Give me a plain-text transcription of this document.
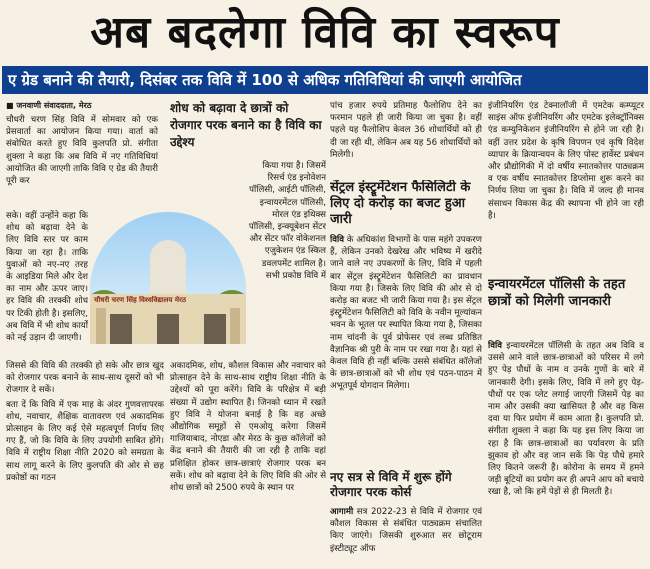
अब बदलेगा विवि का स्वरूप
ए ग्रेड बनाने की तैयारी, दिसंबर तक विवि में 100 से अधिक गतिविधियां की जाएगी आयोजित
■ जनवाणी संवाददाता, मेरठ

चौधरी चरण सिंह विवि में सोमवार को एक प्रेसवार्ता का आयोजन किया गया। वार्ता को संबोधित करते हुए विवि कुलपति प्रो. संगीता शुक्ला ने कहा कि अब विवि में नए गतिविधियां आयोजित की जाएगी ताकि विवि ए ग्रेड की तैयारी पूरी कर

सके। वहीं उन्होंने कहा कि शोध को बढ़ावा देने के लिए विवि स्तर पर काम किया जा रहा है। ताकि युवाओं को नए-नए तरह के आइडिया मिले और देश का नाम और ऊपर जाए। हर विवि की तरक्की शोध पर टिकी होती है। इसलिए, अब विवि में भी शोध कार्यों को नई उड़ान दी जाएगी।

जिससे की विवि की तरक्की हो सके और छात्र खुद को रोजगार परक बनाने के साथ-साथ दूसरों को भी रोजगार दे सकें।

बता दें कि विवि में एक माह के अंदर गुणवत्तापरक शोध, नवाचार, शैक्षिक वातावरण एवं अकादमिक प्रोत्साहन के लिए कई ऐसे महत्वपूर्ण निर्णय लिए गए हैं, जो कि विवि के लिए उपयोगी साबित होंगे। विवि में राष्ट्रीय शिक्षा नीति 2020 को समग्रता के साथ लागू करने के लिए कुलपति की ओर से छह प्रकोष्ठों का गठन

शोध को बढ़ावा दे छात्रों को रोजगार परक बनाने का है विवि का उद्देश्य

किया गया है। जिसमें रिसर्च एंड इनोवेशन पॉलिसी, आईटी पॉलिसी, इन्वायरमेंटल पॉलिसी, मोरल एंड इथिक्स पॉलिसी, इन्क्यूबेशन सेंटर और सेंटर फॉर वोकेशनल एजुकेशन एंड स्किल डवलपमेंट शामिल है। सभी प्रकोष्ठ विवि में

अकादमिक, शोध, कौशल विकास और नवाचार को प्रोत्साहन देने के साथ-साथ राष्ट्रीय शिक्षा नीति के उद्देश्यों को पूरा करेंगे। विवि के परिक्षेत्र में बड़ी संख्या में उद्योग स्थापित हैं। जिनको ध्यान में रखते हुए विवि ने योजना बनाई है कि वह अच्छे औद्योगिक समूहों से एमओयू करेगा जिसमें गाजियाबाद, नोएडा और मेरठ के कुछ कॉलेजों को केंद्र बनाने की तैयारी की जा रही है ताकि वहां प्रशिक्षित होकर छात्र-छात्राएं रोजगार परक बन सकें। शोध को बढ़ावा देने के लिए विवि की ओर से शोध छात्रों को 2500 रुपये के स्थान पर

चौधरी चरण सिंह विश्वविद्यालय मेरठ

पांच हजार रुपये प्रतिमाह फैलोशिप देने का फरमान पहले ही जारी किया जा चुका है। वहीं पहले यह फैलोशिप केवल 36 शोधार्थियों को ही दी जा रही थी, लेकिन अब यह 56 शोधार्थियों को मिलेगी।

सेंट्रल इंस्ट्रूमेंटेशन फैसिलिटी के लिए दो करोड़ का बजट हुआ जारी

विवि के अधिकांश विभागों के पास महंगे उपकरण हैं, लेकिन उनको देखरेख और भविष्य में खरीदे जाने वाले नए उपकरणों के लिए, विवि में पहली बार सेंट्रल इंस्ट्रूमेंटेशन फैसिलिटी का प्रावधान किया गया है। जिसके लिए विवि की ओर से दो करोड़ का बजट भी जारी किया गया है। इस सेंट्रल इंस्ट्रूमेंटेशन फैसिलिटी को विवि के नवीन मूल्यांकन भवन के भूतल पर स्थापित किया गया है, जिसका नाम चांदनी के पूर्व प्रोफेसर एवं लब्ध प्रतिष्ठित वैज्ञानिक श्री पुरी के नाम पर रखा गया है। यहां से केवल विवि ही नहीं बल्कि उससे संबंधित कॉलेजों के छात्र-छात्राओं को भी शोध एवं पठन-पाठन में अभूतपूर्व योगदान मिलेगा।

नए सत्र से विवि में शुरू होंगे रोजगार परक कोर्स

आगामी सत्र 2022-23 से विवि में रोजगार एवं कौशल विकास से संबंधित पाठ्यक्रम संचालित किए जाएंगे। जिसकी शुरुआत सर छोटूराम इंस्टीट्यूट ऑफ

इंजीनियरिंग एंड टेक्नालॉजी में एमटेक कम्प्यूटर साइंस ऑफ इंजीनियरिंग और एमटेक इलेक्ट्रॉनिक्स एंड कम्युनिकेशन इंजीनियरिंग से होने जा रही है। वहीं उत्तर प्रदेश के कृषि विपणन एवं कृषि विदेश व्यापार के क्रियान्वयन के लिए पोस्ट हार्वेस्ट प्रबंधन और प्रौद्योगिकी में दो वर्षीय स्नातकोत्तर पाठ्यक्रम व एक वर्षीय स्नातकोत्तर डिप्लोमा शुरू करने का निर्णय लिया जा चुका है। विवि में जल्द ही मानव संसाधन विकास केंद्र की स्थापना भी होने जा रही है।

इन्वायरमेंटल पॉलिसी के तहत छात्रों को मिलेगी जानकारी

विवि इन्वायरमेंटल पॉलिसी के तहत अब विवि व उससे आने वाले छात्र-छात्राओं को परिसर में लगे हुए पेड़ पौधों के नाम व उनके गुणों के बारे में जानकारी देगी। इसके लिए, विवि में लगे हुए पेड़-पौधों पर एक प्लेट लगाई जाएगी जिसमें पेड़ का नाम और उसकी क्या खासियत है और वह किस दवा या फिर प्रयोग में काम आता है। कुलपति प्रो. संगीता शुक्ला ने कहा कि यह इस लिए किया जा रहा है कि छात्र-छात्राओं का पर्यावरण के प्रति झुकाव हो और वह जान सकें कि पेड़ पौधे हमारे लिए कितने जरूरी हैं। कोरोना के समय में हमने जड़ी बूटियों का प्रयोग कर ही अपने आप को बचाये रखा है, जो कि हमें पेड़ों से ही मिलती है।
